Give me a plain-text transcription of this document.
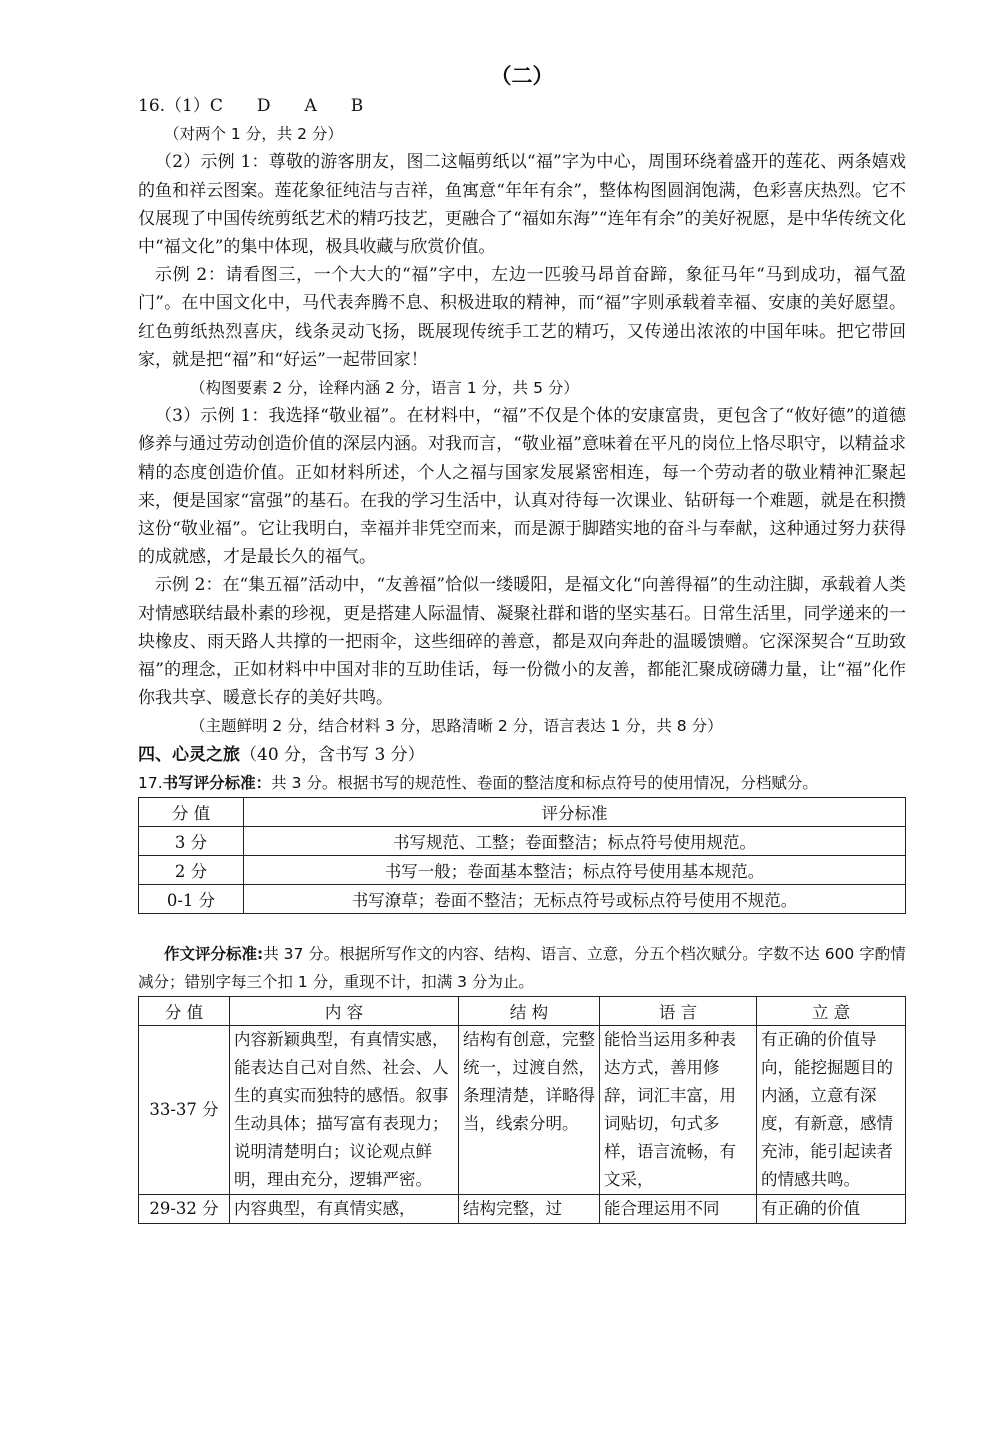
（二）
16.（1）C　　D　　A　　B
（对两个 1 分，共 2 分）

（2）示例 1：尊敬的游客朋友，图二这幅剪纸以“福”字为中心，周围环绕着盛开的莲花、两条嬉戏的鱼和祥云图案。莲花象征纯洁与吉祥，鱼寓意“年年有余”，整体构图圆润饱满，色彩喜庆热烈。它不仅展现了中国传统剪纸艺术的精巧技艺，更融合了“福如东海”“连年有余”的美好祝愿，是中华传统文化中“福文化”的集中体现，极具收藏与欣赏价值。

示例 2：请看图三，一个大大的“福”字中，左边一匹骏马昂首奋蹄，象征马年“马到成功，福气盈门”。在中国文化中，马代表奔腾不息、积极进取的精神，而“福”字则承载着幸福、安康的美好愿望。红色剪纸热烈喜庆，线条灵动飞扬，既展现传统手工艺的精巧，又传递出浓浓的中国年味。把它带回家，就是把“福”和“好运”一起带回家！

（构图要素 2 分，诠释内涵 2 分，语言 1 分，共 5 分）

（3）示例 1：我选择“敬业福”。在材料中，“福”不仅是个体的安康富贵，更包含了“攸好德”的道德修养与通过劳动创造价值的深层内涵。对我而言，“敬业福”意味着在平凡的岗位上恪尽职守，以精益求精的态度创造价值。正如材料所述，个人之福与国家发展紧密相连，每一个劳动者的敬业精神汇聚起来，便是国家“富强”的基石。在我的学习生活中，认真对待每一次课业、钻研每一个难题，就是在积攒这份“敬业福”。它让我明白，幸福并非凭空而来，而是源于脚踏实地的奋斗与奉献，这种通过努力获得的成就感，才是最长久的福气。

示例 2：在“集五福”活动中，“友善福”恰似一缕暖阳，是福文化“向善得福”的生动注脚，承载着人类对情感联结最朴素的珍视，更是搭建人际温情、凝聚社群和谐的坚实基石。日常生活里，同学递来的一块橡皮、雨天路人共撑的一把雨伞，这些细碎的善意，都是双向奔赴的温暖馈赠。它深深契合“互助致福”的理念，正如材料中中国对非的互助佳话，每一份微小的友善，都能汇聚成磅礴力量，让“福”化作你我共享、暖意长存的美好共鸣。

（主题鲜明 2 分，结合材料 3 分，思路清晰 2 分，语言表达 1 分，共 8 分）
四、心灵之旅（40 分，含书写 3 分）
17.书写评分标准：共 3 分。根据书写的规范性、卷面的整洁度和标点符号的使用情况，分档赋分。
分 值	评分标准
3 分	书写规范、工整；卷面整洁；标点符号使用规范。
2 分	书写一般；卷面基本整洁；标点符号使用基本规范。
0-1 分	书写潦草；卷面不整洁；无标点符号或标点符号使用不规范。
作文评分标准:共 37 分。根据所写作文的内容、结构、语言、立意，分五个档次赋分。字数不达 600 字酌情减分；错别字每三个扣 1 分，重现不计，扣满 3 分为止。
分 值	内 容	结 构	语 言	立 意
33-37 分	内容新颖典型，有真情实感，能表达自己对自然、社会、人生的真实而独特的感悟。叙事生动具体；描写富有表现力；说明清楚明白；议论观点鲜明，理由充分，逻辑严密。	结构有创意，完整统一，过渡自然，条理清楚，详略得当，线索分明。	能恰当运用多种表达方式，善用修辞，词汇丰富，用词贴切，句式多样，语言流畅，有文采，	有正确的价值导向，能挖掘题目的内涵，立意有深度，有新意，感情充沛，能引起读者的情感共鸣。
29-32 分	内容典型，有真情实感，	结构完整，过	能合理运用不同	有正确的价值
